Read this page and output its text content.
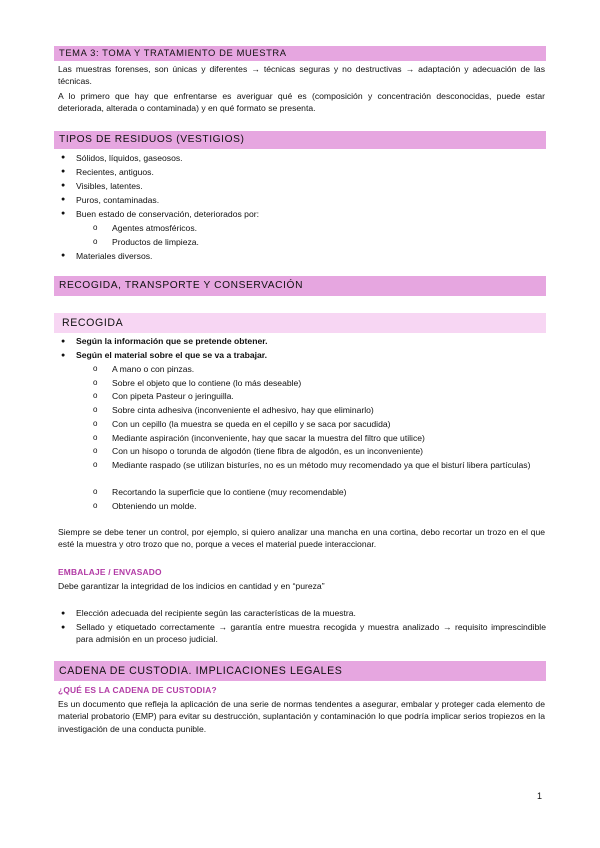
TEMA 3: TOMA Y TRATAMIENTO DE MUESTRA
Las muestras forenses, son únicas y diferentes → técnicas seguras y no destructivas → adaptación y adecuación de las técnicas.
A lo primero que hay que enfrentarse es averiguar qué es (composición y concentración desconocidas, puede estar deteriorada, alterada o contaminada) y en qué formato se presenta.
TIPOS DE RESIDUOS (VESTIGIOS)
● Sólidos, líquidos, gaseosos.
● Recientes, antiguos.
● Visibles, latentes.
● Puros, contaminadas.
● Buen estado de conservación, deteriorados por:
o Agentes atmosféricos.
o Productos de limpieza.
● Materiales diversos.
RECOGIDA, TRANSPORTE Y CONSERVACIÓN
RECOGIDA
● Según la información que se pretende obtener.
● Según el material sobre el que se va a trabajar.
o A mano o con pinzas.
o Sobre el objeto que lo contiene (lo más deseable)
o Con pipeta Pasteur o jeringuilla.
o Sobre cinta adhesiva (inconveniente el adhesivo, hay que eliminarlo)
o Con un cepillo (la muestra se queda en el cepillo y se saca por sacudida)
o Mediante aspiración (inconveniente, hay que sacar la muestra del filtro que utilice)
o Con un hisopo o torunda de algodón (tiene fibra de algodón, es un inconveniente)
o Mediante raspado (se utilizan bisturíes, no es un método muy recomendado ya que el bisturí libera partículas)
o Recortando la superficie que lo contiene (muy recomendable)
o Obteniendo un molde.
Siempre se debe tener un control, por ejemplo, si quiero analizar una mancha en una cortina, debo recortar un trozo en el que esté la muestra y otro trozo que no, porque a veces el material puede interaccionar.
EMBALAJE / ENVASADO
Debe garantizar la integridad de los indicios en cantidad y en “pureza”
● Elección adecuada del recipiente según las características de la muestra.
● Sellado y etiquetado correctamente → garantía entre muestra recogida y muestra analizado → requisito imprescindible para admisión en un proceso judicial.
CADENA DE CUSTODIA. IMPLICACIONES LEGALES
¿QUÉ ES LA CADENA DE CUSTODIA?
Es un documento que refleja la aplicación de una serie de normas tendentes a asegurar, embalar y proteger cada elemento de material probatorio (EMP) para evitar su destrucción, suplantación y contaminación lo que podría implicar serios tropiezos en la investigación de una conducta punible.
1
